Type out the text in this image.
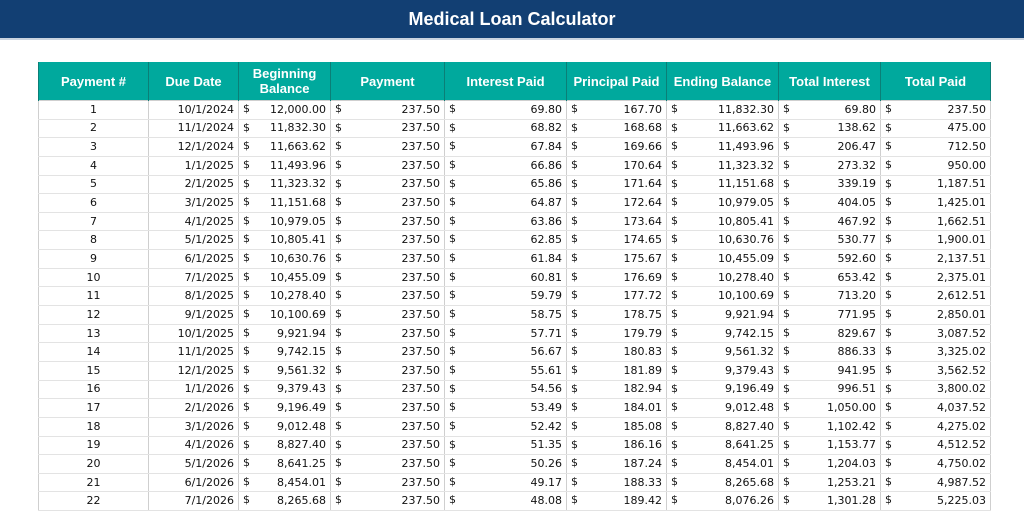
Medical Loan Calculator
Payment #	Due Date	Beginning Balance	Payment	Interest Paid	Principal Paid	Ending Balance	Total Interest	Total Paid
1	10/1/2024	$ 12,000.00	$ 237.50	$ 69.80	$ 167.70	$ 11,832.30	$ 69.80	$ 237.50
2	11/1/2024	$ 11,832.30	$ 237.50	$ 68.82	$ 168.68	$ 11,663.62	$ 138.62	$ 475.00
3	12/1/2024	$ 11,663.62	$ 237.50	$ 67.84	$ 169.66	$ 11,493.96	$ 206.47	$ 712.50
4	1/1/2025	$ 11,493.96	$ 237.50	$ 66.86	$ 170.64	$ 11,323.32	$ 273.32	$ 950.00
5	2/1/2025	$ 11,323.32	$ 237.50	$ 65.86	$ 171.64	$ 11,151.68	$ 339.19	$ 1,187.51
6	3/1/2025	$ 11,151.68	$ 237.50	$ 64.87	$ 172.64	$ 10,979.05	$ 404.05	$ 1,425.01
7	4/1/2025	$ 10,979.05	$ 237.50	$ 63.86	$ 173.64	$ 10,805.41	$ 467.92	$ 1,662.51
8	5/1/2025	$ 10,805.41	$ 237.50	$ 62.85	$ 174.65	$ 10,630.76	$ 530.77	$ 1,900.01
9	6/1/2025	$ 10,630.76	$ 237.50	$ 61.84	$ 175.67	$ 10,455.09	$ 592.60	$ 2,137.51
10	7/1/2025	$ 10,455.09	$ 237.50	$ 60.81	$ 176.69	$ 10,278.40	$ 653.42	$ 2,375.01
11	8/1/2025	$ 10,278.40	$ 237.50	$ 59.79	$ 177.72	$ 10,100.69	$ 713.20	$ 2,612.51
12	9/1/2025	$ 10,100.69	$ 237.50	$ 58.75	$ 178.75	$ 9,921.94	$ 771.95	$ 2,850.01
13	10/1/2025	$ 9,921.94	$ 237.50	$ 57.71	$ 179.79	$ 9,742.15	$ 829.67	$ 3,087.52
14	11/1/2025	$ 9,742.15	$ 237.50	$ 56.67	$ 180.83	$ 9,561.32	$ 886.33	$ 3,325.02
15	12/1/2025	$ 9,561.32	$ 237.50	$ 55.61	$ 181.89	$ 9,379.43	$ 941.95	$ 3,562.52
16	1/1/2026	$ 9,379.43	$ 237.50	$ 54.56	$ 182.94	$ 9,196.49	$ 996.51	$ 3,800.02
17	2/1/2026	$ 9,196.49	$ 237.50	$ 53.49	$ 184.01	$ 9,012.48	$ 1,050.00	$ 4,037.52
18	3/1/2026	$ 9,012.48	$ 237.50	$ 52.42	$ 185.08	$ 8,827.40	$ 1,102.42	$ 4,275.02
19	4/1/2026	$ 8,827.40	$ 237.50	$ 51.35	$ 186.16	$ 8,641.25	$ 1,153.77	$ 4,512.52
20	5/1/2026	$ 8,641.25	$ 237.50	$ 50.26	$ 187.24	$ 8,454.01	$ 1,204.03	$ 4,750.02
21	6/1/2026	$ 8,454.01	$ 237.50	$ 49.17	$ 188.33	$ 8,265.68	$ 1,253.21	$ 4,987.52
22	7/1/2026	$ 8,265.68	$ 237.50	$ 48.08	$ 189.42	$ 8,076.26	$ 1,301.28	$ 5,225.03
